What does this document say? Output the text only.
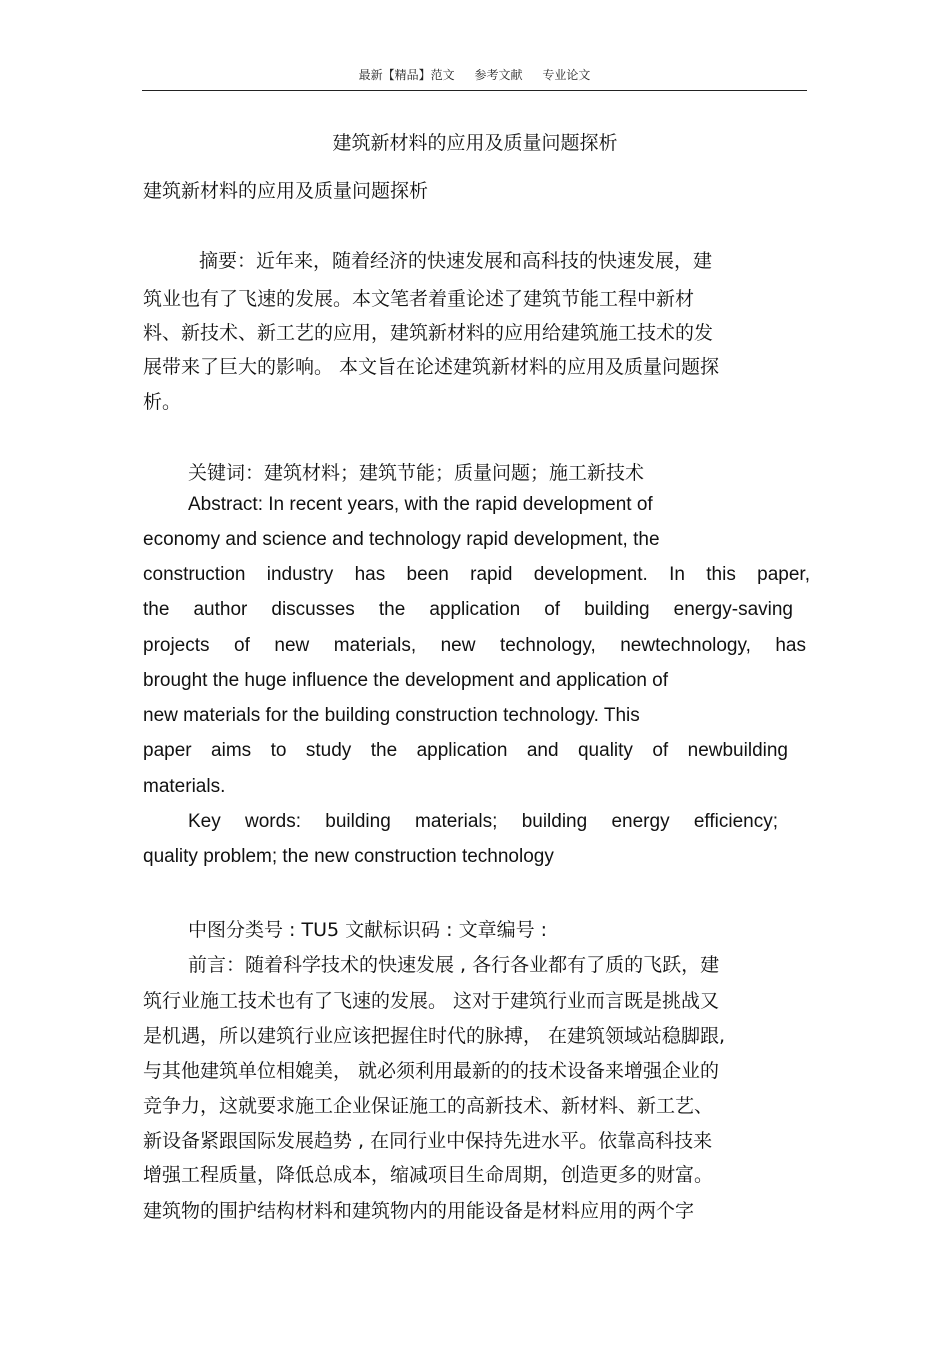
最新【精品】范文 参考文献 专业论文
建筑新材料的应用及质量问题探析
建筑新材料的应用及质量问题探析
摘要：近年来，随着经济的快速发展和高科技的快速发展，建
筑业也有了飞速的发展。本文笔者着重论述了建筑节能工程中新材
料、新技术、新工艺的应用，建筑新材料的应用给建筑施工技术的发
展带来了巨大的影响。 本文旨在论述建筑新材料的应用及质量问题探
析。
关键词：建筑材料；建筑节能；质量问题；施工新技术
Abstract: In recent years, with the rapid development of
economy and science and technology rapid development, the
construction industry has been rapid development. In this paper,
the author discusses the application of building energy-saving
projects of new materials, new technology, newtechnology, has
brought the huge influence the development and application of
new materials for the building construction technology. This
paper aims to study the application and quality of newbuilding
materials.
Key words: building materials; building energy efficiency;
quality problem; the new construction technology
中图分类号 : TU5 文献标识码 : 文章编号 :
前言：随着科学技术的快速发展 , 各行各业都有了质的飞跃，建
筑行业施工技术也有了飞速的发展。 这对于建筑行业而言既是挑战又
是机遇，所以建筑行业应该把握住时代的脉搏， 在建筑领域站稳脚跟,
与其他建筑单位相媲美， 就必须利用最新的的技术设备来增强企业的
竞争力，这就要求施工企业保证施工的高新技术、新材料、新工艺、
新设备紧跟国际发展趋势 , 在同行业中保持先进水平。依靠高科技来
增强工程质量，降低总成本，缩减项目生命周期，创造更多的财富。
建筑物的围护结构材料和建筑物内的用能设备是材料应用的两个字
